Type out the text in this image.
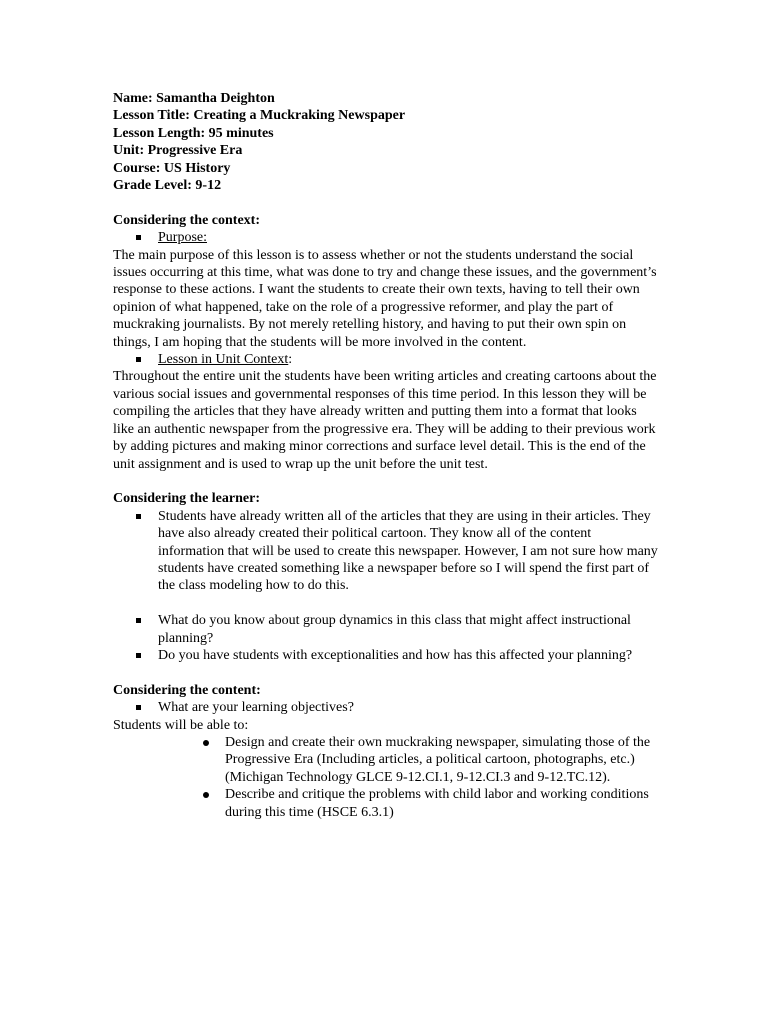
Name: Samantha Deighton

Lesson Title: Creating a Muckraking Newspaper

Lesson Length: 95 minutes

Unit: Progressive Era

Course: US History

Grade Level: 9-12

Considering the context:

Purpose:

The main purpose of this lesson is to assess whether or not the students understand the social issues occurring at this time, what was done to try and change these issues, and the government’s response to these actions. I want the students to create their own texts, having to tell their own opinion of what happened, take on the role of a progressive reformer, and play the part of muckraking journalists. By not merely retelling history, and having to put their own spin on things, I am hoping that the students will be more involved in the content.

Lesson in Unit Context:

Throughout the entire unit the students have been writing articles and creating cartoons about the various social issues and governmental responses of this time period. In this lesson they will be compiling the articles that they have already written and putting them into a format that looks like an authentic newspaper from the progressive era. They will be adding to their previous work by adding pictures and making minor corrections and surface level detail. This is the end of the unit assignment and is used to wrap up the unit before the unit test.

Considering the learner:

Students have already written all of the articles that they are using in their articles. They have also already created their political cartoon. They know all of the content information that will be used to create this newspaper. However, I am not sure how many students have created something like a newspaper before so I will spend the first part of the class modeling how to do this.
What do you know about group dynamics in this class that might affect instructional planning?
Do you have students with exceptionalities and how has this affected your planning?

Considering the content:

What are your learning objectives?

Students will be able to:

Design and create their own muckraking newspaper, simulating those of the Progressive Era (Including articles, a political cartoon, photographs, etc.) (Michigan Technology GLCE 9-12.CI.1, 9-12.CI.3 and 9-12.TC.12).
Describe and critique the problems with child labor and working conditions during this time (HSCE 6.3.1)
